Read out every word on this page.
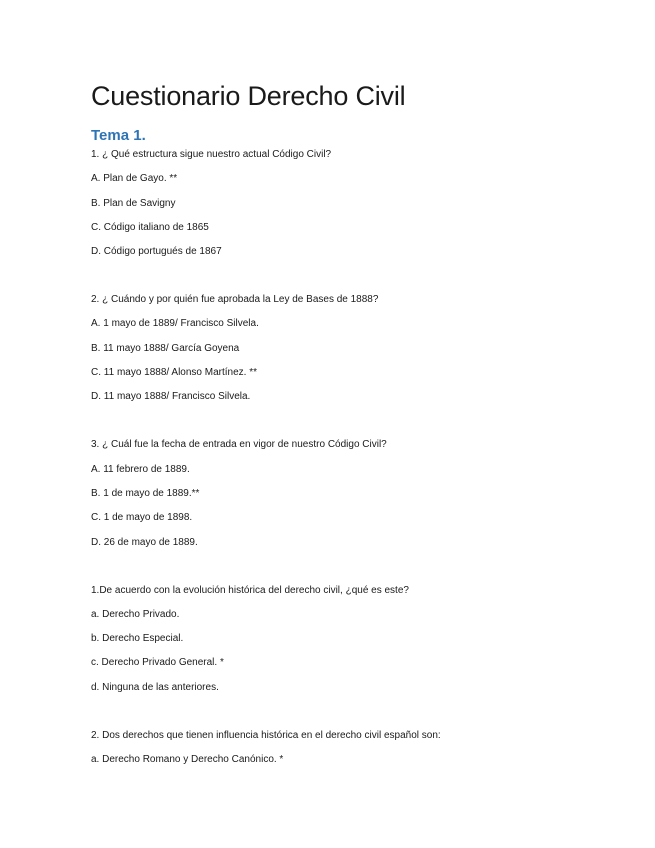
Cuestionario Derecho Civil
Tema 1.

1. ¿ Qué estructura sigue nuestro actual Código Civil?

A. Plan de Gayo. **

B. Plan de Savigny

C. Código italiano de 1865

D. Código portugués de 1867

2. ¿ Cuándo y por quién fue aprobada la Ley de Bases de 1888?

A. 1 mayo de 1889/ Francisco Silvela.

B. 11 mayo 1888/ García Goyena

C. 11 mayo 1888/ Alonso Martínez. **

D. 11 mayo 1888/ Francisco Silvela.

3. ¿ Cuál fue la fecha de entrada en vigor de nuestro Código Civil?

A. 11 febrero de 1889.

B. 1 de mayo de 1889.**

C. 1 de mayo de 1898.

D. 26 de mayo de 1889.

1.De acuerdo con la evolución histórica del derecho civil, ¿qué es este?

a. Derecho Privado.

b. Derecho Especial.

c. Derecho Privado General. *

d. Ninguna de las anteriores.

2. Dos derechos que tienen influencia histórica en el derecho civil español son:

a. Derecho Romano y Derecho Canónico. *
